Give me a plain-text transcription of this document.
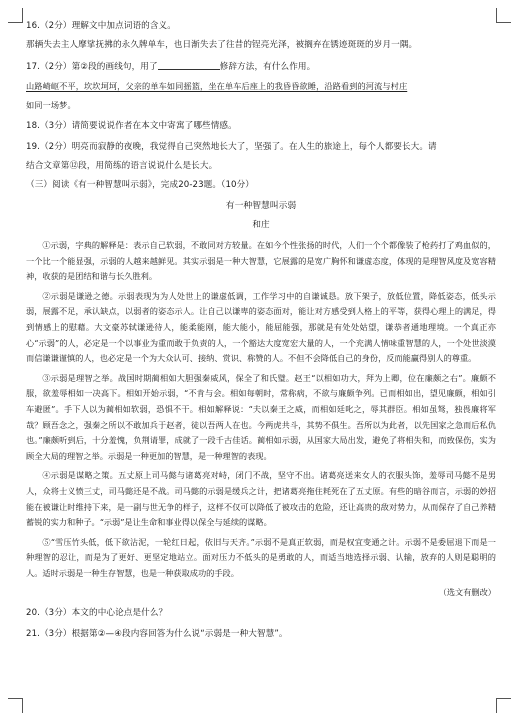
16.（2分）理解文中加点词语的含义。
那辆失去主人摩挲抚拂的永久牌单车，也日渐失去了往昔的锃亮光泽，被搁弃在锈迹斑斑的岁月一隅。
17.（2分）第②段的画线句，用了	修辞方法，有什么作用。
山路崎岖不平，坎坎坷坷，父亲的单车如同摇篮，坐在单车后座上的我昏昏欲睡，沿路看到的河流与村庄
如同一场梦。
18.（3分）请简要说说作者在本文中寄寓了哪些情感。
19.（2分）明亮而寂静的夜晚，我觉得自己突然地长大了，坚强了。在人生的旅途上，每个人都要长大。请
结合文章第⑫段，用简练的语言说说什么是长大。
（三）阅读《有一种智慧叫示弱》，完成20-23题。（10分）
有一种智慧叫示弱
和庄

①示弱，字典的解释是：表示自己软弱，不敢同对方较量。在如今个性张扬的时代，人们一个个都像装了枪药打了鸡血似的，一个比一个能显强，示弱的人越来越鲜见。其实示弱是一种大智慧，它展露的是宽广胸怀和谦虚态度，体现的是理智风度及宽容精神，收获的是团结和谐与长久胜利。

②示弱是谦逊之德。示弱表现为为人处世上的谦虚低调，工作学习中的自谦诚恳。放下架子，放低位置，降低姿态，低头示弱，展露不足，承认缺点，以弱者的姿态示人。让自己以谦卑的姿态面对，能让对方感受到人格上的平等，获得心理上的满足，得到情感上的慰藉。大文豪苏轼谦逊待人，能柔能刚，能大能小，能屈能强，那就是有处处姑望，谦恭者通地理境。一个真正亦心“示弱”的人，必定是一个以事业为重而敢于负责的人，一个豁达大度宽宏大量的人，一个充满人情味重智慧的人，一个处世淡漠而信谦谦谨慎的人，也必定是一个为大众认可、接纳、赏识、称赞的人。不但不会降低自己的身份，反而能赢得别人的尊重。

③示弱是理智之举。战国时期蔺相如大胆强秦威风，保全了和氏璧。赵王“以相如功大，拜为上卿，位在廉颇之右”。廉颇不服，欲羞辱相如一决高下。相如开始示弱，“不肯与会。相如每朝时，常称病，不欲与廉颇争列。已而相如出，望见廉颇，相如引车避匿”。手下人以为蔺相如软弱，恐惧不干。相如解释说：“夫以秦王之威，而相如廷叱之，辱其群臣。相如虽驽，独畏廉将军哉？顾吾念之，强秦之所以不敢加兵于赵者，徒以吾两人在也。今两虎共斗，其势不俱生。吾所以为此者，以先国家之急而后私仇也。”廉颇听到后，十分羞愧，负荆请罪，成就了一段千古佳话。蔺相如示弱，从国家大局出发，避免了将相失和，而致保伤，实为顾全大局的理智之举。示弱是一种更加的智慧，是一种理智的表现。

④示弱是谋略之策。五丈原上司马懿与诸葛亮对峙，闭门不战，坚守不出。诸葛亮送来女人的衣服头饰，羞辱司马懿不是男人，众将士义愤三丈，司马懿还是不战。司马懿的示弱是缓兵之计，把诸葛亮拖住耗死在了五丈原。有些的暗谷而言，示弱的妙招能在被谦让时维持下来，是一副与世无争的样子，这样不仅可以降低了被攻击的危险，还让高贵的敌对势力，从而保存了自己养精蓄锐的实力和种子。“示弱”是让生命和事业得以保全与延续的谋略。

⑤“雪压竹头低，低下欲沾泥，一轮红日起，依旧与天齐。”示弱不是真正软弱，而是权宜变通之计。示弱不是委屈退下而是一种理智的忍让，而是为了更好、更坚定地站立。面对压力不低头的是勇敢的人，而适当地选择示弱、认输，放弃的人则是聪明的人。适时示弱是一种生存智慧，也是一种获取成功的手段。

（选文有删改）
20.（3分）本文的中心论点是什么？
21.（3分）根据第②—④段内容回答为什么说“示弱是一种大智慧”。
